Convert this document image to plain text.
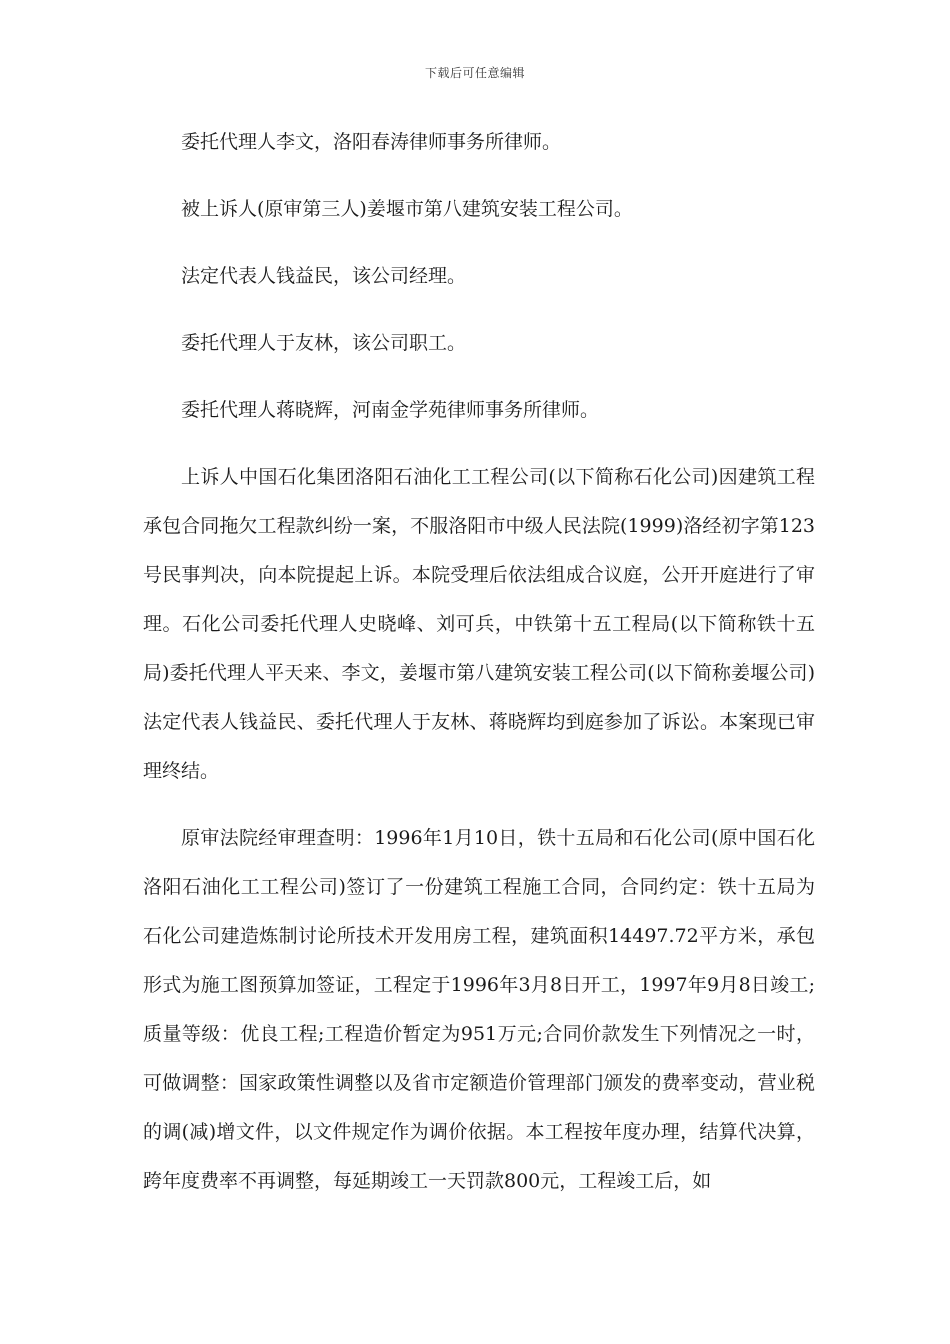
下载后可任意编辑

委托代理人李文，洛阳春涛律师事务所律师。

被上诉人(原审第三人)姜堰市第八建筑安装工程公司。

法定代表人钱益民，该公司经理。

委托代理人于友林，该公司职工。

委托代理人蒋晓辉，河南金学苑律师事务所律师。

上诉人中国石化集团洛阳石油化工工程公司(以下简称石化公司)因建筑工程承包合同拖欠工程款纠纷一案，不服洛阳市中级人民法院(1999)洛经初字第123号民事判决，向本院提起上诉。本院受理后依法组成合议庭，公开开庭进行了审理。石化公司委托代理人史晓峰、刘可兵，中铁第十五工程局(以下简称铁十五局)委托代理人平天来、李文，姜堰市第八建筑安装工程公司(以下简称姜堰公司)法定代表人钱益民、委托代理人于友林、蒋晓辉均到庭参加了诉讼。本案现已审理终结。

原审法院经审理查明：1996年1月10日，铁十五局和石化公司(原中国石化洛阳石油化工工程公司)签订了一份建筑工程施工合同，合同约定：铁十五局为石化公司建造炼制讨论所技术开发用房工程，建筑面积14497.72平方米，承包形式为施工图预算加签证，工程定于1996年3月8日开工，1997年9月8日竣工;质量等级：优良工程;工程造价暂定为951万元;合同价款发生下列情况之一时，可做调整：国家政策性调整以及省市定额造价管理部门颁发的费率变动，营业税的调(减)增文件，以文件规定作为调价依据。本工程按年度办理，结算代决算，跨年度费率不再调整，每延期竣工一天罚款800元，工程竣工后，如
